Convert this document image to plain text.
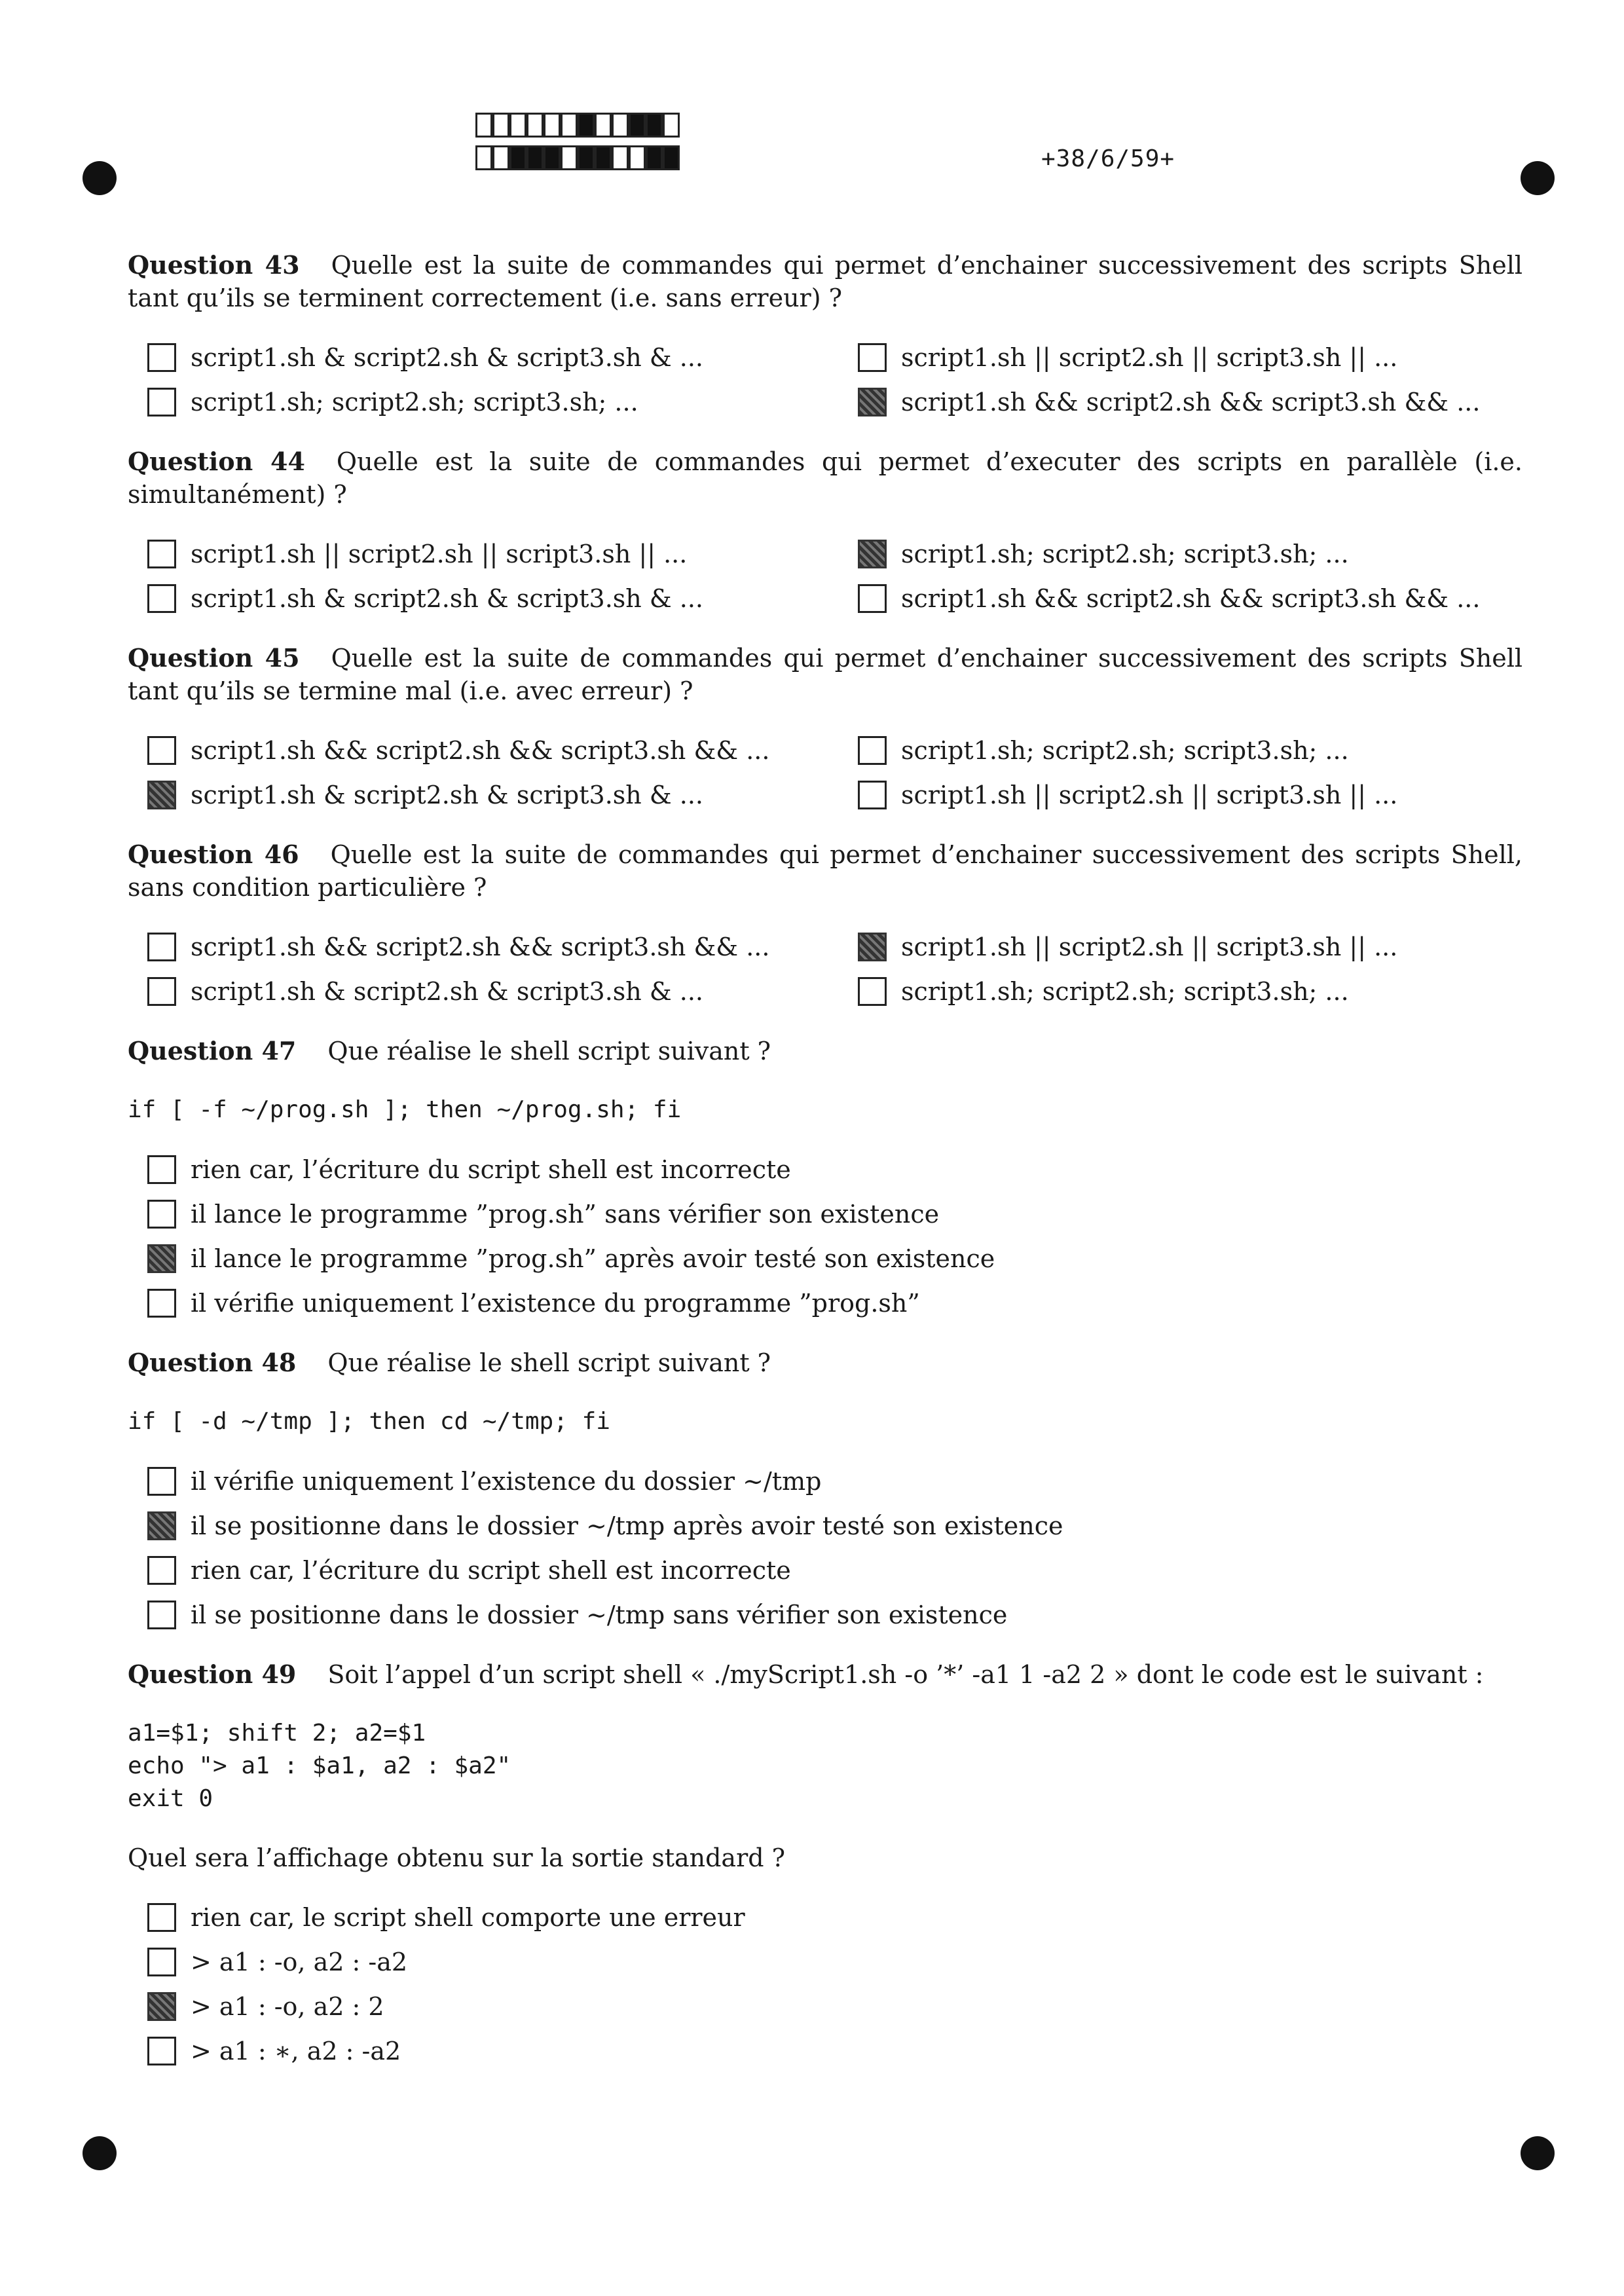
+38/6/59+

Question 43 Quelle est la suite de commandes qui permet d’enchainer successivement des scripts Shell tant qu’ils se terminent correctement (i.e. sans erreur) ?

script1.sh & script2.sh & script3.sh & ...	script1.sh || script2.sh || script3.sh || ...
script1.sh; script2.sh; script3.sh; ...	script1.sh && script2.sh && script3.sh && ...

Question 44 Quelle est la suite de commandes qui permet d’executer des scripts en parallèle (i.e. simultanément) ?

script1.sh || script2.sh || script3.sh || ...	script1.sh; script2.sh; script3.sh; ...
script1.sh & script2.sh & script3.sh & ...	script1.sh && script2.sh && script3.sh && ...

Question 45 Quelle est la suite de commandes qui permet d’enchainer successivement des scripts Shell tant qu’ils se termine mal (i.e. avec erreur) ?

script1.sh && script2.sh && script3.sh && ...	script1.sh; script2.sh; script3.sh; ...
script1.sh & script2.sh & script3.sh & ...	script1.sh || script2.sh || script3.sh || ...

Question 46 Quelle est la suite de commandes qui permet d’enchainer successivement des scripts Shell, sans condition particulière ?

script1.sh && script2.sh && script3.sh && ...	script1.sh || script2.sh || script3.sh || ...
script1.sh & script2.sh & script3.sh & ...	script1.sh; script2.sh; script3.sh; ...

Question 47 Que réalise le shell script suivant ?

if [ -f ~/prog.sh ]; then ~/prog.sh; fi
rien car, l’écriture du script shell est incorrecte
il lance le programme ”prog.sh” sans vérifier son existence
il lance le programme ”prog.sh” après avoir testé son existence
il vérifie uniquement l’existence du programme ”prog.sh”

Question 48 Que réalise le shell script suivant ?

if [ -d ~/tmp ]; then cd ~/tmp; fi
il vérifie uniquement l’existence du dossier ∼/tmp
il se positionne dans le dossier ∼/tmp après avoir testé son existence
rien car, l’écriture du script shell est incorrecte
il se positionne dans le dossier ∼/tmp sans vérifier son existence

Question 49 Soit l’appel d’un script shell « ./myScript1.sh -o ’*’ -a1 1 -a2 2 » dont le code est le suivant :

a1=$1; shift 2; a2=$1
echo "> a1 : $a1, a2 : $a2"
exit 0

Quel sera l’affichage obtenu sur la sortie standard ?

rien car, le script shell comporte une erreur
> a1 : -o, a2 : -a2
> a1 : -o, a2 : 2
> a1 : ∗, a2 : -a2
